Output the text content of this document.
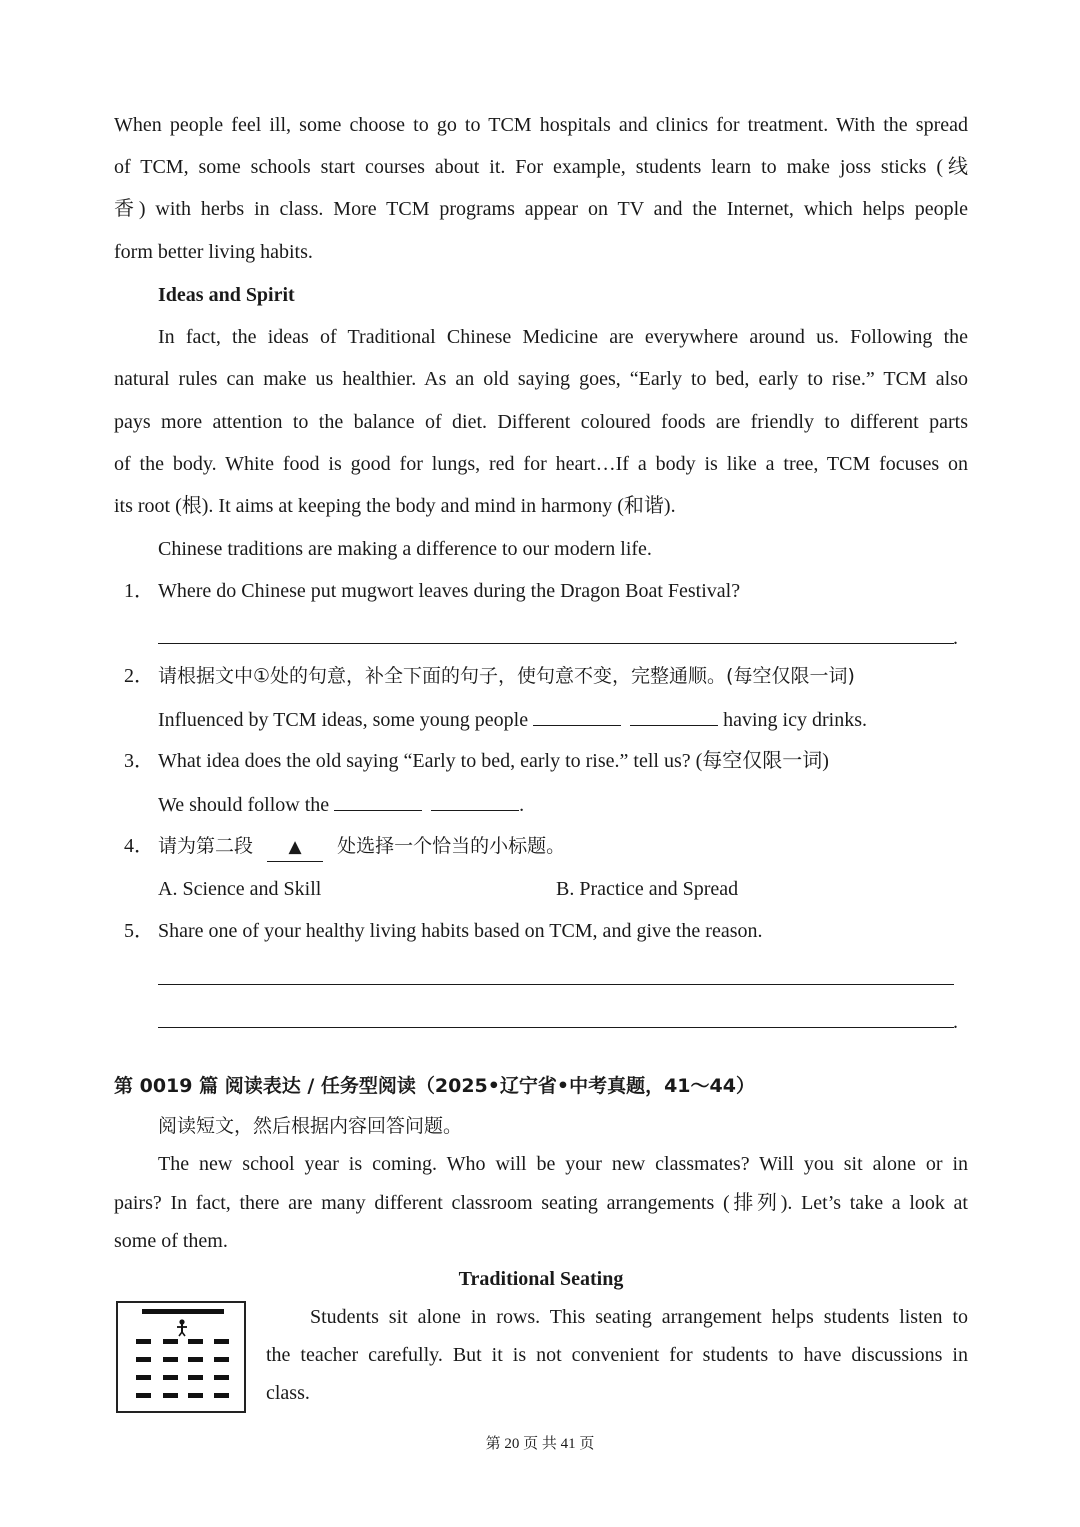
When people feel ill, some choose to go to TCM hospitals and clinics for treatment. With the spread
of TCM, some schools start courses about it. For example, students learn to make joss sticks (线
香) with herbs in class. More TCM programs appear on TV and the Internet, which helps people
form better living habits.
Ideas and Spirit
In fact, the ideas of Traditional Chinese Medicine are everywhere around us. Following the
natural rules can make us healthier. As an old saying goes, “Early to bed, early to rise.” TCM also
pays more attention to the balance of diet. Different coloured foods are friendly to different parts
of the body. White food is good for lungs, red for heart…If a body is like a tree, TCM focuses on
its root (根). It aims at keeping the body and mind in harmony (和谐).
Chinese traditions are making a difference to our modern life.
1． Where do Chinese put mugwort leaves during the Dragon Boat Festival?
.
2． 请根据文中①处的句意，补全下面的句子，使句意不变，完整通顺。(每空仅限一词)
Influenced by TCM ideas, some young people	having icy drinks.
3． What idea does the old saying “Early to bed, early to rise.” tell us? (每空仅限一词)
We should follow the	.
4． 请为第二段 ▲ 处选择一个恰当的小标题。
A. Science and Skill	B. Practice and Spread
5． Share one of your healthy living habits based on TCM, and give the reason.
.
第 0019 篇 阅读表达 / 任务型阅读（2025•辽宁省•中考真题，41～44）
阅读短文，然后根据内容回答问题。
The new school year is coming. Who will be your new classmates? Will you sit alone or in
pairs? In fact, there are many different classroom seating arrangements (排列). Let’s take a look at
some of them.
Traditional Seating
Students sit alone in rows. This seating arrangement helps students listen to
the teacher carefully. But it is not convenient for students to have discussions in
class.
第 20 页 共 41 页
